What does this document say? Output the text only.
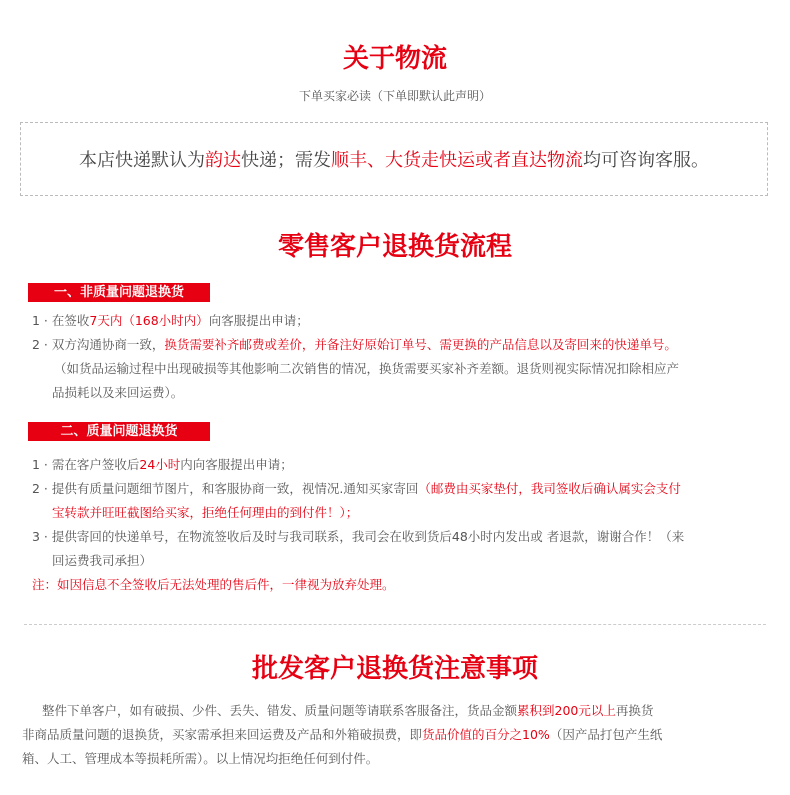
关于物流
下单买家必读（下单即默认此声明）
本店快递默认为韵达快递；需发顺丰、大货走快运或者直达物流均可咨询客服。
零售客户退换货流程
一、非质量问题退换货
1 · 在签收7天内（168小时内）向客服提出申请；
2 · 双方沟通协商一致，换货需要补齐邮费或差价，并备注好原始订单号、需更换的产品信息以及寄回来的快递单号。
（如货品运输过程中出现破损等其他影响二次销售的情况，换货需要买家补齐差额。退货则视实际情况扣除相应产
品损耗以及来回运费）。
二、质量问题退换货
1 · 需在客户签收后24小时内向客服提出申请；
2 · 提供有质量问题细节图片，和客服协商一致，视情况.通知买家寄回（邮费由买家垫付，我司签收后确认属实会支付
宝转款并旺旺截图给买家，拒绝任何理由的到付件！）；
3 · 提供寄回的快递单号，在物流签收后及时与我司联系，我司会在收到货后48小时内发出或 者退款，谢谢合作！（来
回运费我司承担）
注：如因信息不全签收后无法处理的售后件，一律视为放弃处理。
批发客户退换货注意事项
整件下单客户，如有破损、少件、丢失、错发、质量问题等请联系客服备注，货品金额累积到200元以上再换货
非商品质量问题的退换货，买家需承担来回运费及产品和外箱破损费，即货品价值的百分之10%（因产品打包产生纸
箱、人工、管理成本等损耗所需）。以上情况均拒绝任何到付件。
